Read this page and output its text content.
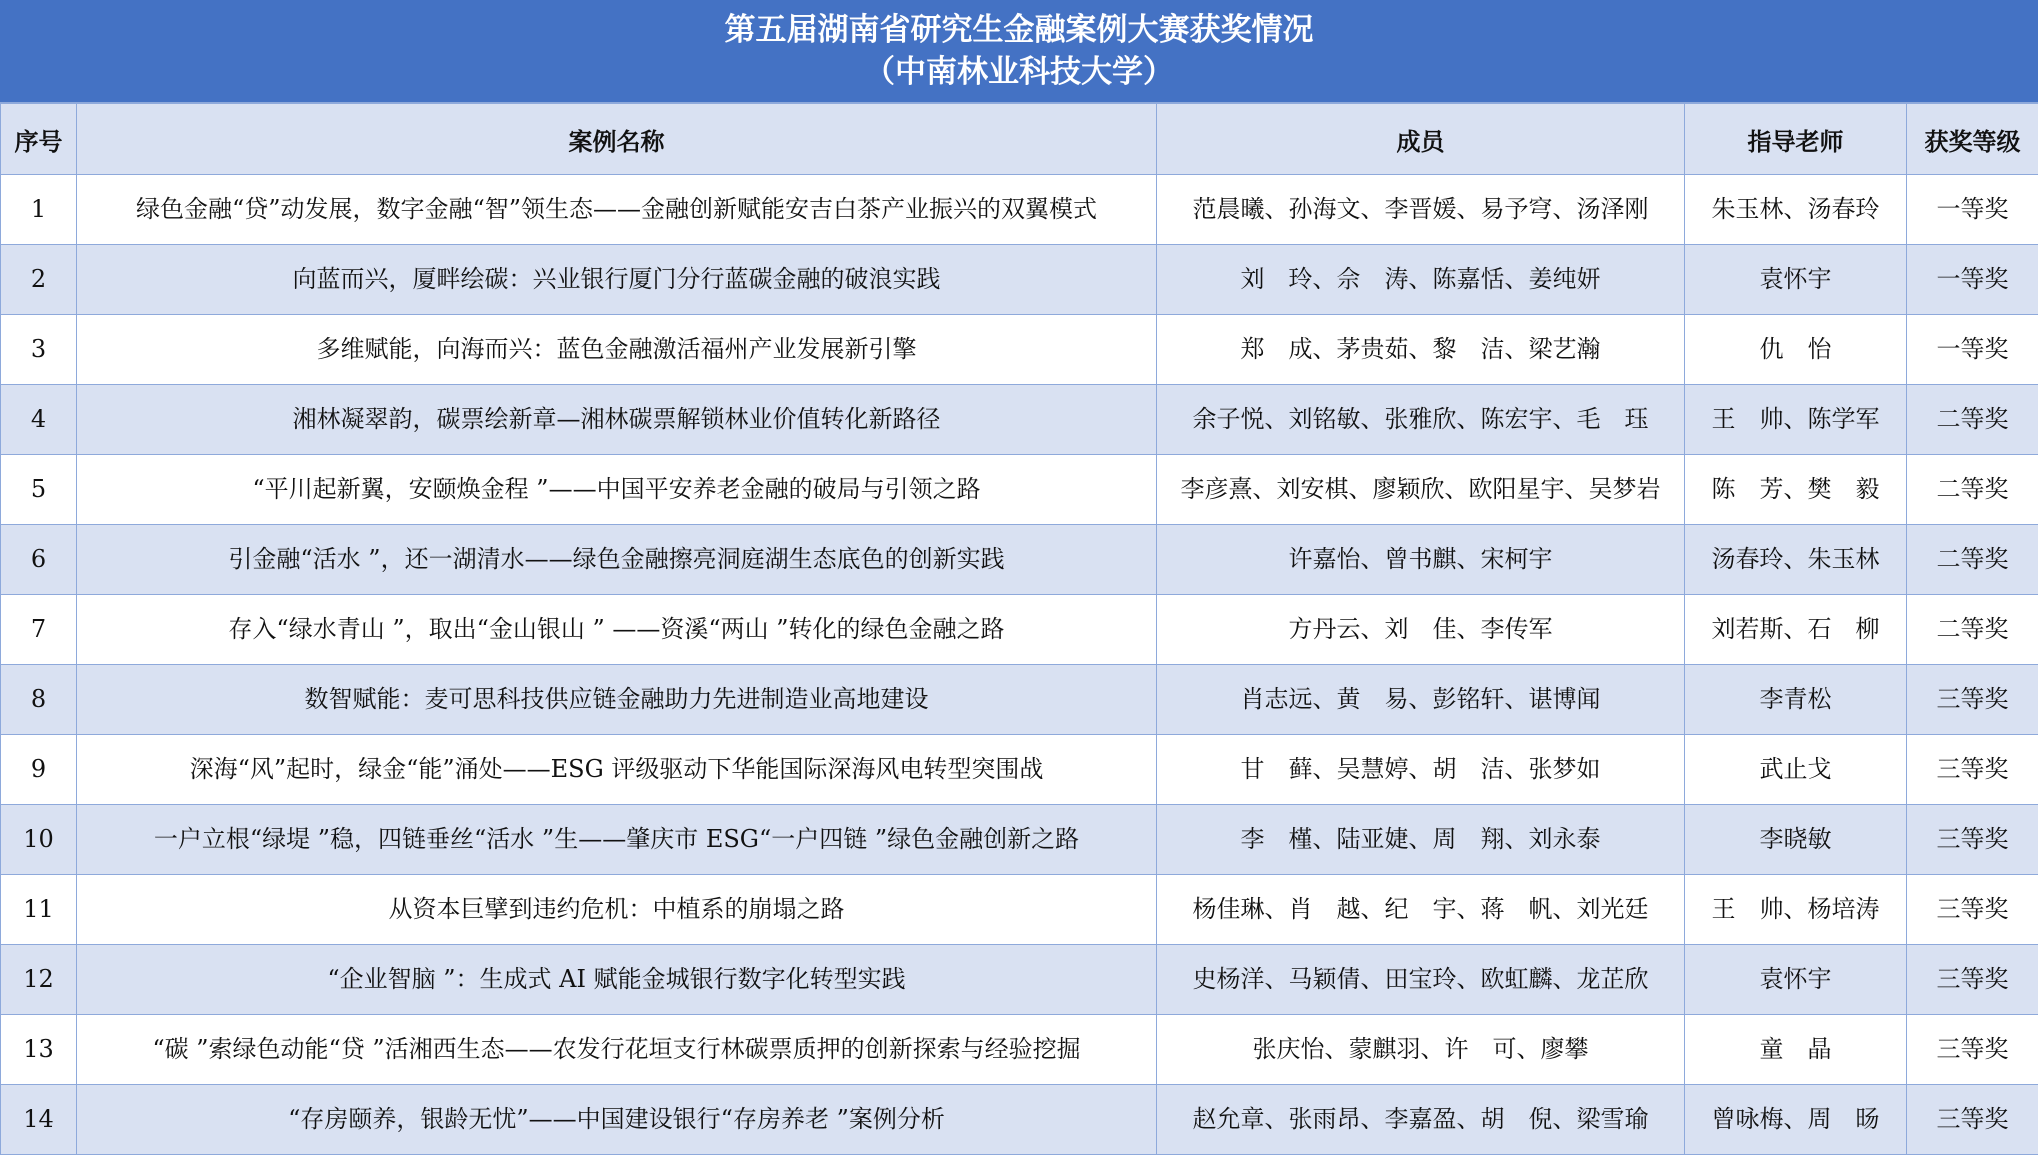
第五届湖南省研究生金融案例大赛获奖情况
（中南林业科技大学）
序号	案例名称	成员	指导老师	获奖等级
1	绿色金融“贷”动发展，数字金融“智”领生态——金融创新赋能安吉白茶产业振兴的双翼模式	范晨曦、孙海文、李晋媛、易予穹、汤泽刚	朱玉林、汤春玲	一等奖
2	向蓝而兴，厦畔绘碳：兴业银行厦门分行蓝碳金融的破浪实践	刘　玲、佘　涛、陈嘉恬、姜纯妍	袁怀宇	一等奖
3	多维赋能，向海而兴：蓝色金融激活福州产业发展新引擎	郑　成、茅贵茹、黎　洁、梁艺瀚	仇　怡	一等奖
4	湘林凝翠韵，碳票绘新章—湘林碳票解锁林业价值转化新路径	余子悦、刘铭敏、张雅欣、陈宏宇、毛　珏	王　帅、陈学军	二等奖
5	“平川起新翼，安颐焕金程 ”——中国平安养老金融的破局与引领之路	李彦熹、刘安棋、廖颖欣、欧阳星宇、吴梦岩	陈　芳、樊　毅	二等奖
6	引金融“活水 ”，还一湖清水——绿色金融擦亮洞庭湖生态底色的创新实践	许嘉怡、曾书麒、宋柯宇	汤春玲、朱玉林	二等奖
7	存入“绿水青山 ”，取出“金山银山 ” ——资溪“两山 ”转化的绿色金融之路	方丹云、刘　佳、李传军	刘若斯、石　柳	二等奖
8	数智赋能：麦可思科技供应链金融助力先进制造业高地建设	肖志远、黄　易、彭铭轩、谌博闻	李青松	三等奖
9	深海“风”起时，绿金“能”涌处——ESG 评级驱动下华能国际深海风电转型突围战	甘　藓、吴慧婷、胡　洁、张梦如	武止戈	三等奖
10	一户立根“绿堤 ”稳，四链垂丝“活水 ”生——肇庆市 ESG“一户四链 ”绿色金融创新之路	李　槿、陆亚婕、周　翔、刘永泰	李晓敏	三等奖
11	从资本巨擘到违约危机：中植系的崩塌之路	杨佳琳、肖　越、纪　宇、蒋　帆、刘光廷	王　帅、杨培涛	三等奖
12	“企业智脑 ”：生成式 AI 赋能金城银行数字化转型实践	史杨洋、马颖倩、田宝玲、欧虹麟、龙芷欣	袁怀宇	三等奖
13	“碳 ”索绿色动能“贷 ”活湘西生态——农发行花垣支行林碳票质押的创新探索与经验挖掘	张庆怡、蒙麒羽、许　可、廖攀	童　晶	三等奖
14	“存房颐养，银龄无忧”——中国建设银行“存房养老 ”案例分析	赵允章、张雨昂、李嘉盈、胡　倪、梁雪瑜	曾咏梅、周　旸	三等奖
